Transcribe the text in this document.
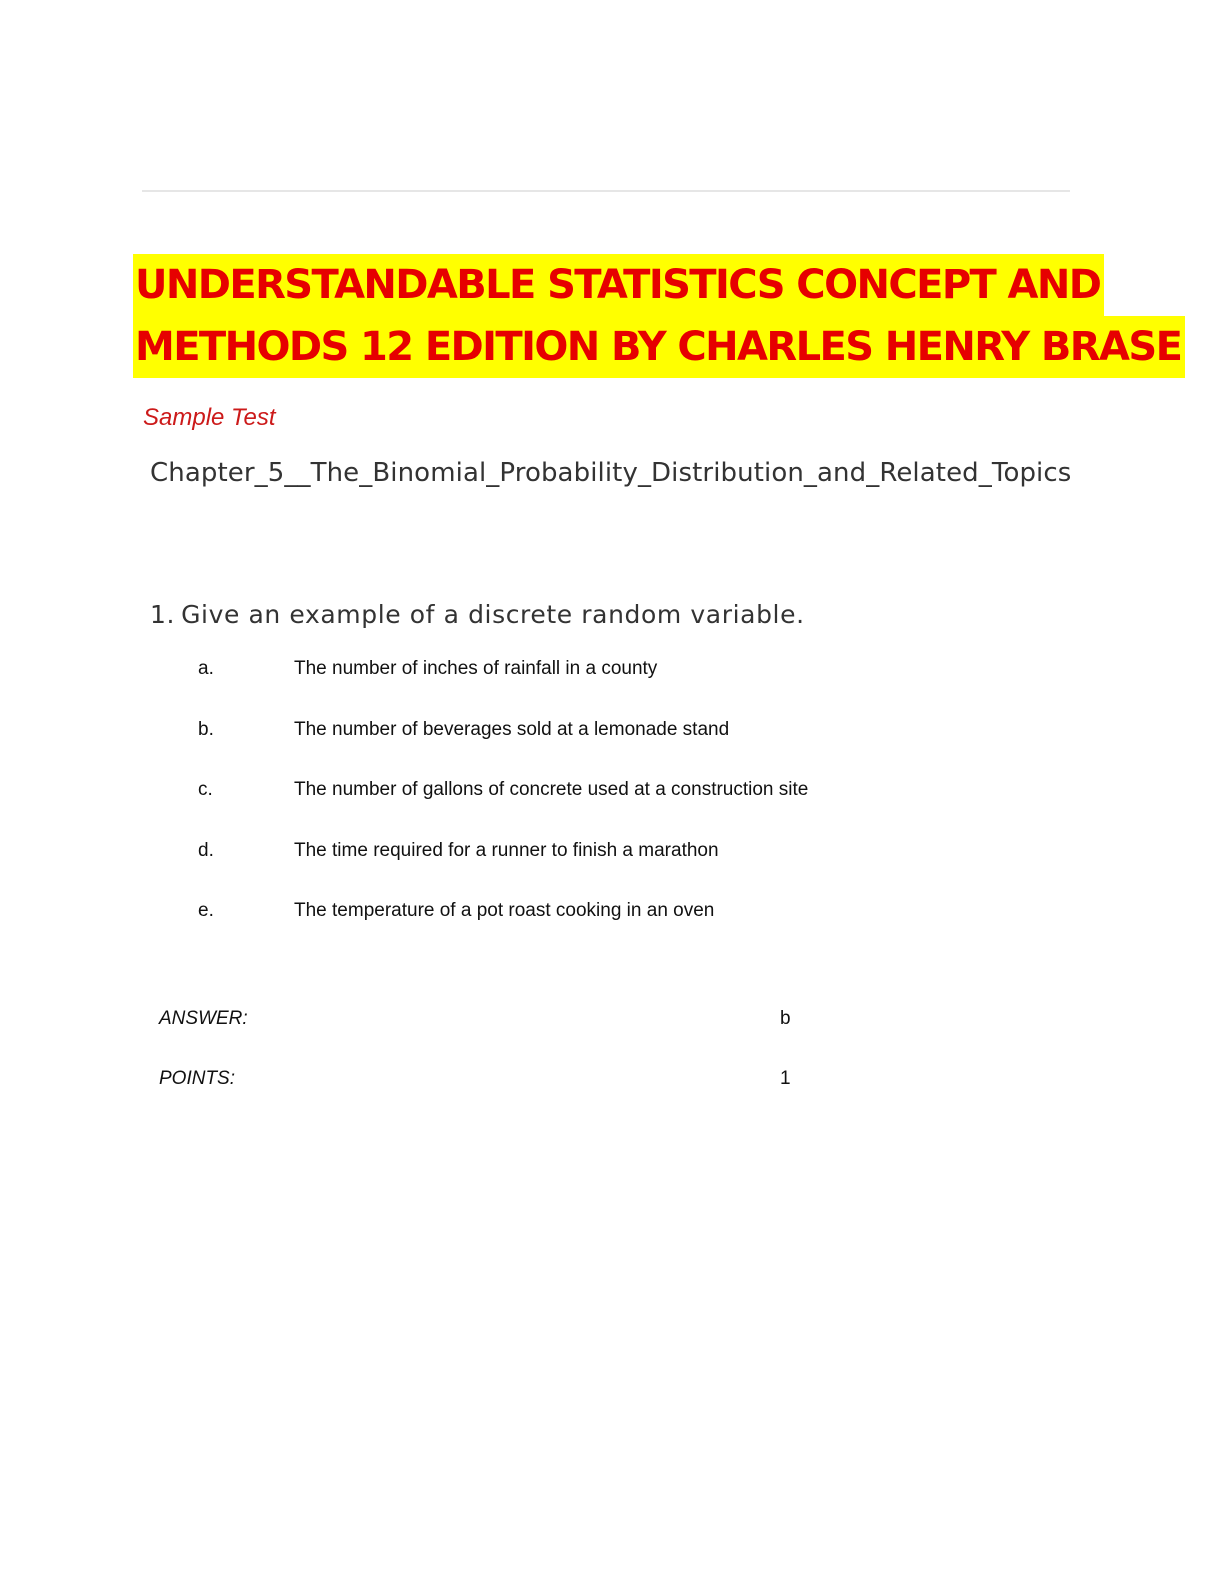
UNDERSTANDABLE STATISTICS CONCEPT AND
METHODS 12 EDITION BY CHARLES HENRY BRASE
Sample Test
Chapter_5__The_Binomial_Probability_Distribution_and_Related_Topics
1. Give an example of a discrete random variable.
a.	The number of inches of rainfall in a county
b.	The number of beverages sold at a lemonade stand
c.	The number of gallons of concrete used at a construction site
d.	The time required for a runner to finish a marathon
e.	The temperature of a pot roast cooking in an oven
ANSWER:	b
POINTS:	1
